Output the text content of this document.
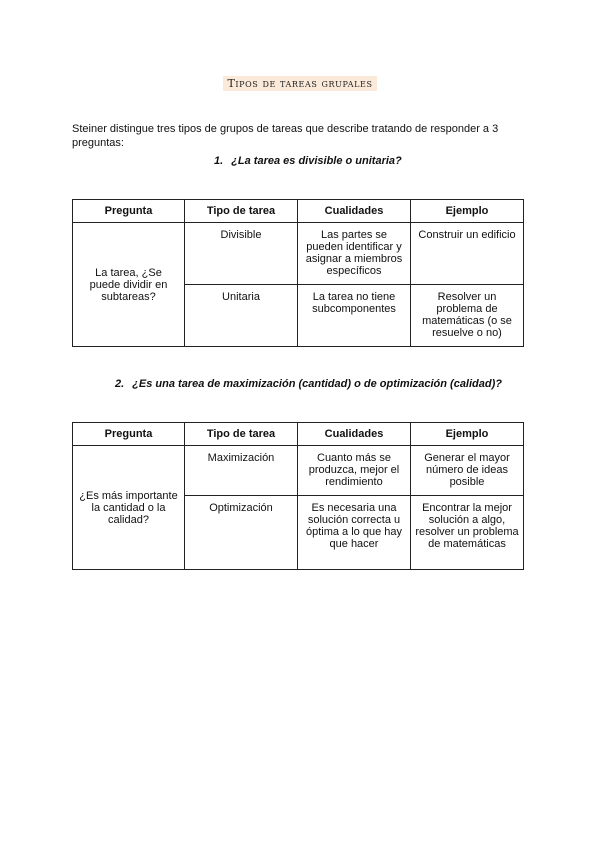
Tipos de tareas grupales

Steiner distingue tres tipos de grupos de tareas que describe tratando de responder a 3 preguntas:

1. ¿La tarea es divisible o unitaria?
Pregunta	Tipo de tarea	Cualidades	Ejemplo
La tarea, ¿Se puede dividir en subtareas?	Divisible	Las partes se pueden identificar y asignar a miembros específicos	Construir un edificio
	Unitaria	La tarea no tiene subcomponentes	Resolver un problema de matemáticas (o se resuelve o no)
2. ¿Es una tarea de maximización (cantidad) o de optimización (calidad)?
Pregunta	Tipo de tarea	Cualidades	Ejemplo
¿Es más importante la cantidad o la calidad?	Maximización	Cuanto más se produzca, mejor el rendimiento	Generar el mayor número de ideas posible
	Optimización	Es necesaria una solución correcta u óptima a lo que hay que hacer	Encontrar la mejor solución a algo, resolver un problema de matemáticas
